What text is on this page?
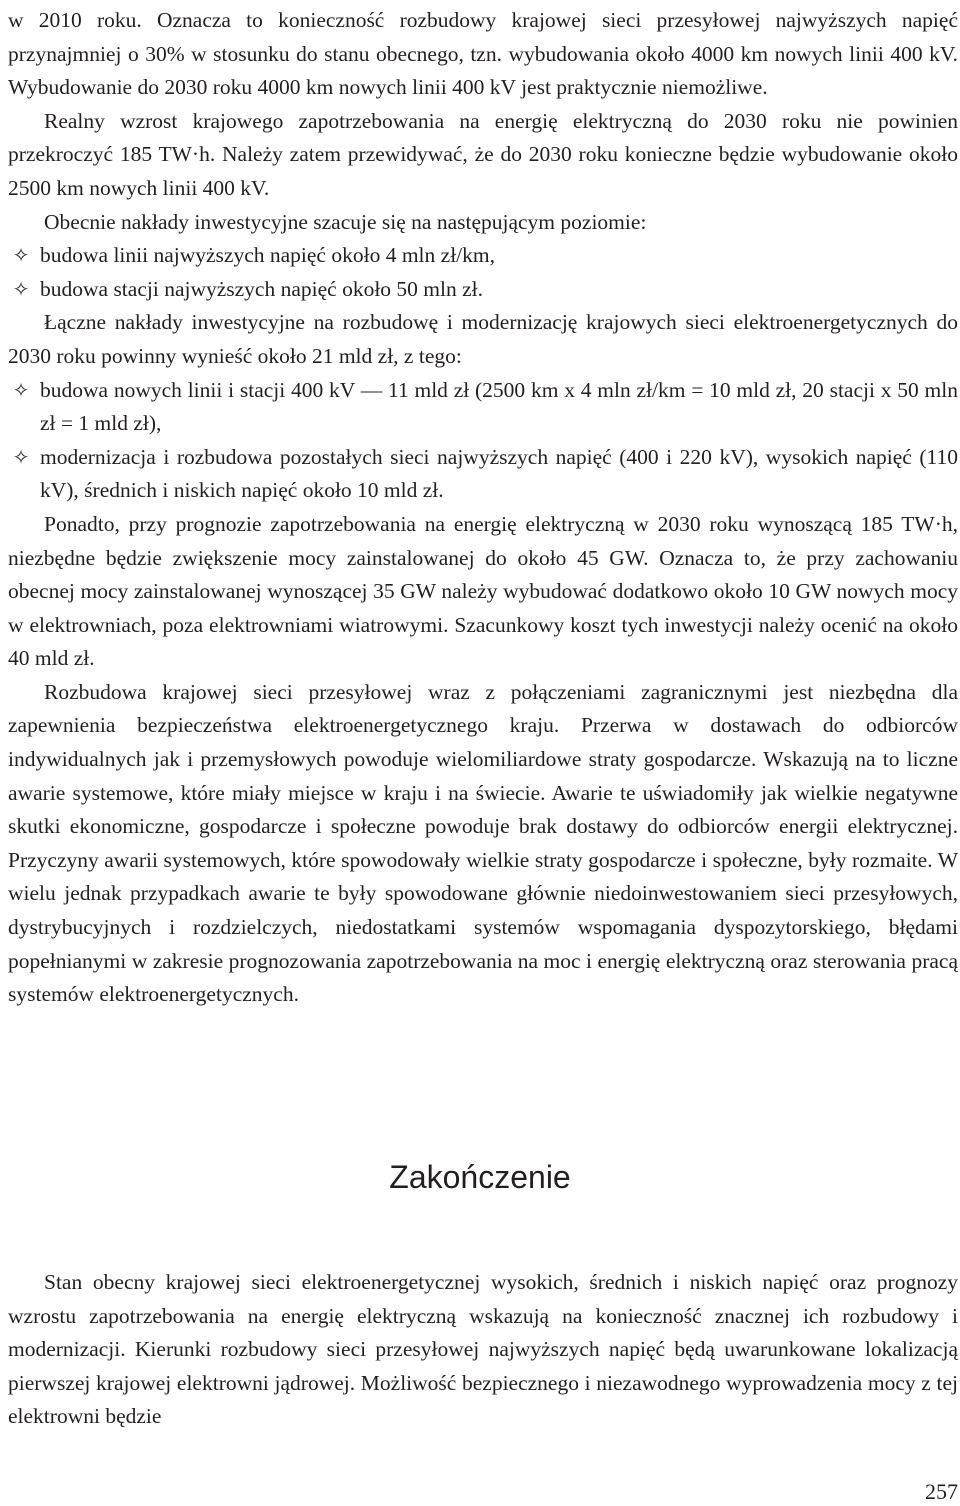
w 2010 roku. Oznacza to konieczność rozbudowy krajowej sieci przesyłowej najwyższych napięć przynajmniej o 30% w stosunku do stanu obecnego, tzn. wybudowania około 4000 km nowych linii 400 kV. Wybudowanie do 2030 roku 4000 km nowych linii 400 kV jest praktycznie niemożliwe.

Realny wzrost krajowego zapotrzebowania na energię elektryczną do 2030 roku nie powinien przekroczyć 185 TW·h. Należy zatem przewidywać, że do 2030 roku konieczne będzie wybudowanie około 2500 km nowych linii 400 kV.

Obecnie nakłady inwestycyjne szacuje się na następującym poziomie:

✧ budowa linii najwyższych napięć około 4 mln zł/km,
✧ budowa stacji najwyższych napięć około 50 mln zł.

Łączne nakłady inwestycyjne na rozbudowę i modernizację krajowych sieci elektroenergetycznych do 2030 roku powinny wynieść około 21 mld zł, z tego:

✧ budowa nowych linii i stacji 400 kV — 11 mld zł (2500 km x 4 mln zł/km = 10 mld zł, 20 stacji x 50 mln zł = 1 mld zł),
✧ modernizacja i rozbudowa pozostałych sieci najwyższych napięć (400 i 220 kV), wysokich napięć (110 kV), średnich i niskich napięć około 10 mld zł.

Ponadto, przy prognozie zapotrzebowania na energię elektryczną w 2030 roku wynoszącą 185 TW·h, niezbędne będzie zwiększenie mocy zainstalowanej do około 45 GW. Oznacza to, że przy zachowaniu obecnej mocy zainstalowanej wynoszącej 35 GW należy wybudować dodatkowo około 10 GW nowych mocy w elektrowniach, poza elektrowniami wiatrowymi. Szacunkowy koszt tych inwestycji należy ocenić na około 40 mld zł.

Rozbudowa krajowej sieci przesyłowej wraz z połączeniami zagranicznymi jest niezbędna dla zapewnienia bezpieczeństwa elektroenergetycznego kraju. Przerwa w dostawach do odbiorców indywidualnych jak i przemysłowych powoduje wielomiliardowe straty gospodarcze. Wskazują na to liczne awarie systemowe, które miały miejsce w kraju i na świecie. Awarie te uświadomiły jak wielkie negatywne skutki ekonomiczne, gospodarcze i społeczne powoduje brak dostawy do odbiorców energii elektrycznej. Przyczyny awarii systemowych, które spowodowały wielkie straty gospodarcze i społeczne, były rozmaite. W wielu jednak przypadkach awarie te były spowodowane głównie niedoinwestowaniem sieci przesyłowych, dystrybucyjnych i rozdzielczych, niedostatkami systemów wspomagania dyspozytorskiego, błędami popełnianymi w zakresie prognozowania zapotrzebowania na moc i energię elektryczną oraz sterowania pracą systemów elektroenergetycznych.

Zakończenie

Stan obecny krajowej sieci elektroenergetycznej wysokich, średnich i niskich napięć oraz prognozy wzrostu zapotrzebowania na energię elektryczną wskazują na konieczność znacznej ich rozbudowy i modernizacji. Kierunki rozbudowy sieci przesyłowej najwyższych napięć będą uwarunkowane lokalizacją pierwszej krajowej elektrowni jądrowej. Możliwość bezpiecznego i niezawodnego wyprowadzenia mocy z tej elektrowni będzie

257
